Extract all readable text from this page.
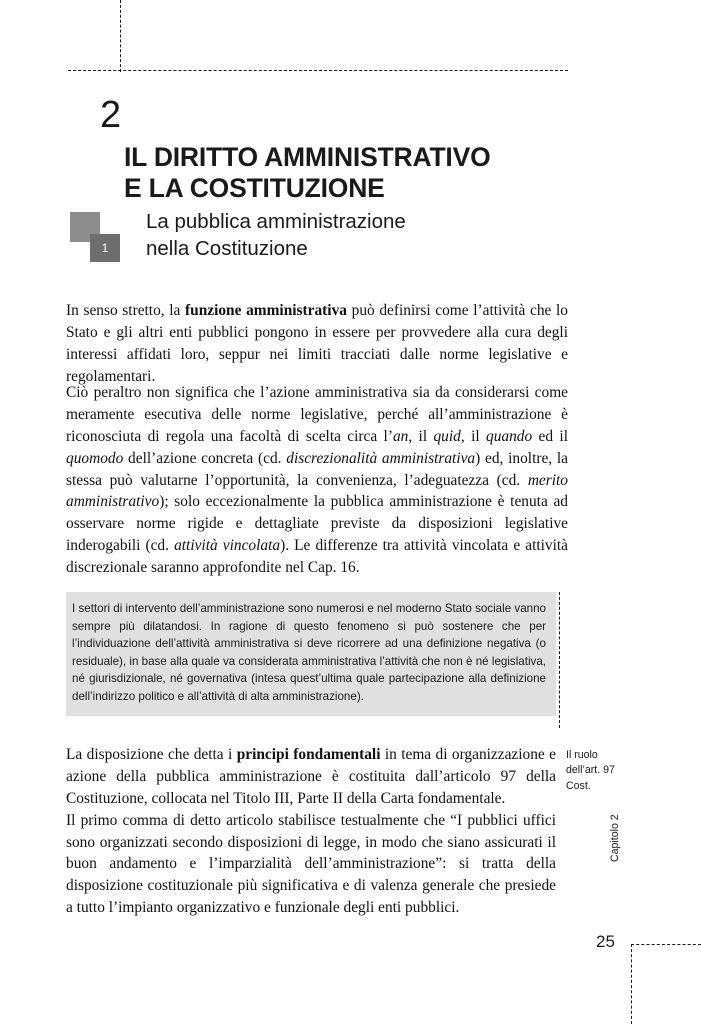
2
IL DIRITTO AMMINISTRATIVO
E LA COSTITUZIONE
1
La pubblica amministrazione
nella Costituzione
In senso stretto, la funzione amministrativa può definirsi come l’attività che lo Stato e gli altri enti pubblici pongono in essere per provvedere alla cura degli interessi affidati loro, seppur nei limiti tracciati dalle norme legislative e regolamentari.
Ciò peraltro non significa che l’azione amministrativa sia da considerarsi come meramente esecutiva delle norme legislative, perché all’amministrazione è riconosciuta di regola una facoltà di scelta circa l’an, il quid, il quando ed il quomodo dell’azione concreta (cd. discrezionalità amministrativa) ed, inoltre, la stessa può valutarne l’opportunità, la convenienza, l’adeguatezza (cd. merito amministrativo); solo eccezionalmente la pubblica amministrazione è tenuta ad osservare norme rigide e dettagliate previste da disposizioni legislative inderogabili (cd. attività vincolata). Le differenze tra attività vincolata e attività discrezionale saranno approfondite nel Cap. 16.
I settori di intervento dell’amministrazione sono numerosi e nel moderno Stato sociale vanno sempre più dilatandosi. In ragione di questo fenomeno si può sostenere che per l’individuazione dell’attività amministrativa si deve ricorrere ad una definizione negativa (o residuale), in base alla quale va considerata amministrativa l’attività che non è né legislativa, né giurisdizionale, né governativa (intesa quest’ultima quale partecipazione alla definizione dell’indirizzo politico e all’attività di alta amministrazione).
La disposizione che detta i principi fondamentali in tema di organizzazione e azione della pubblica amministrazione è costituita dall’articolo 97 della Costituzione, collocata nel Titolo III, Parte II della Carta fondamentale.
Il primo comma di detto articolo stabilisce testualmente che “I pubblici uffici sono organizzati secondo disposizioni di legge, in modo che siano assicurati il buon andamento e l’imparzialità dell’amministrazione”: si tratta della disposizione costituzionale più significativa e di valenza generale che presiede a tutto l’impianto organizzativo e funzionale degli enti pubblici.
Il ruolo dell’art. 97 Cost.
Capitolo 2
25
